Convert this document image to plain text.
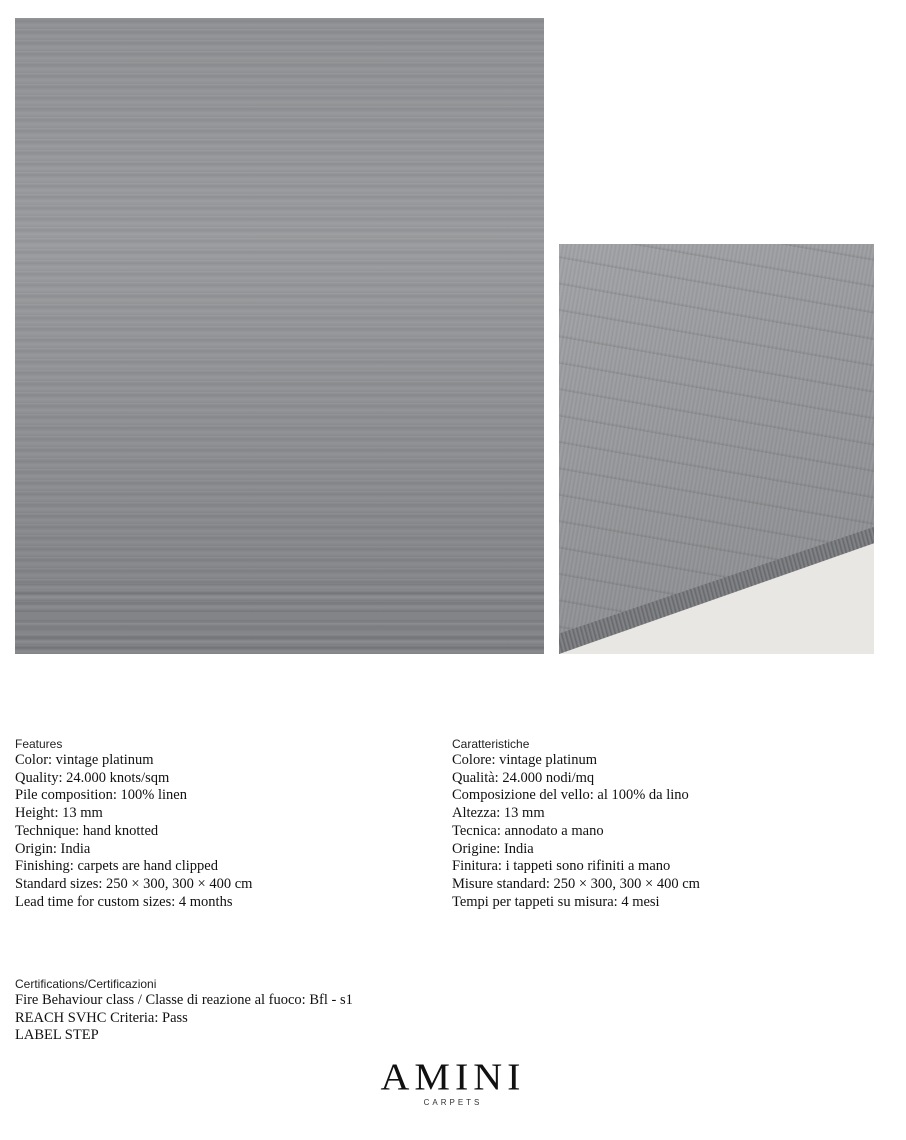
Features
Color: vintage platinum
Quality: 24.000 knots/sqm
Pile composition: 100% linen
Height: 13 mm
Technique: hand knotted
Origin: India
Finishing: carpets are hand clipped
Standard sizes: 250 × 300, 300 × 400 cm
Lead time for custom sizes: 4 months
Caratteristiche
Colore: vintage platinum
Qualità: 24.000 nodi/mq
Composizione del vello: al 100% da lino
Altezza: 13 mm
Tecnica: annodato a mano
Origine: India
Finitura: i tappeti sono rifiniti a mano
Misure standard: 250 × 300, 300 × 400 cm
Tempi per tappeti su misura: 4 mesi
Certifications/Certificazioni
Fire Behaviour class / Classe di reazione al fuoco: Bfl - s1
REACH SVHC Criteria: Pass
LABEL STEP
AMINI
CARPETS
